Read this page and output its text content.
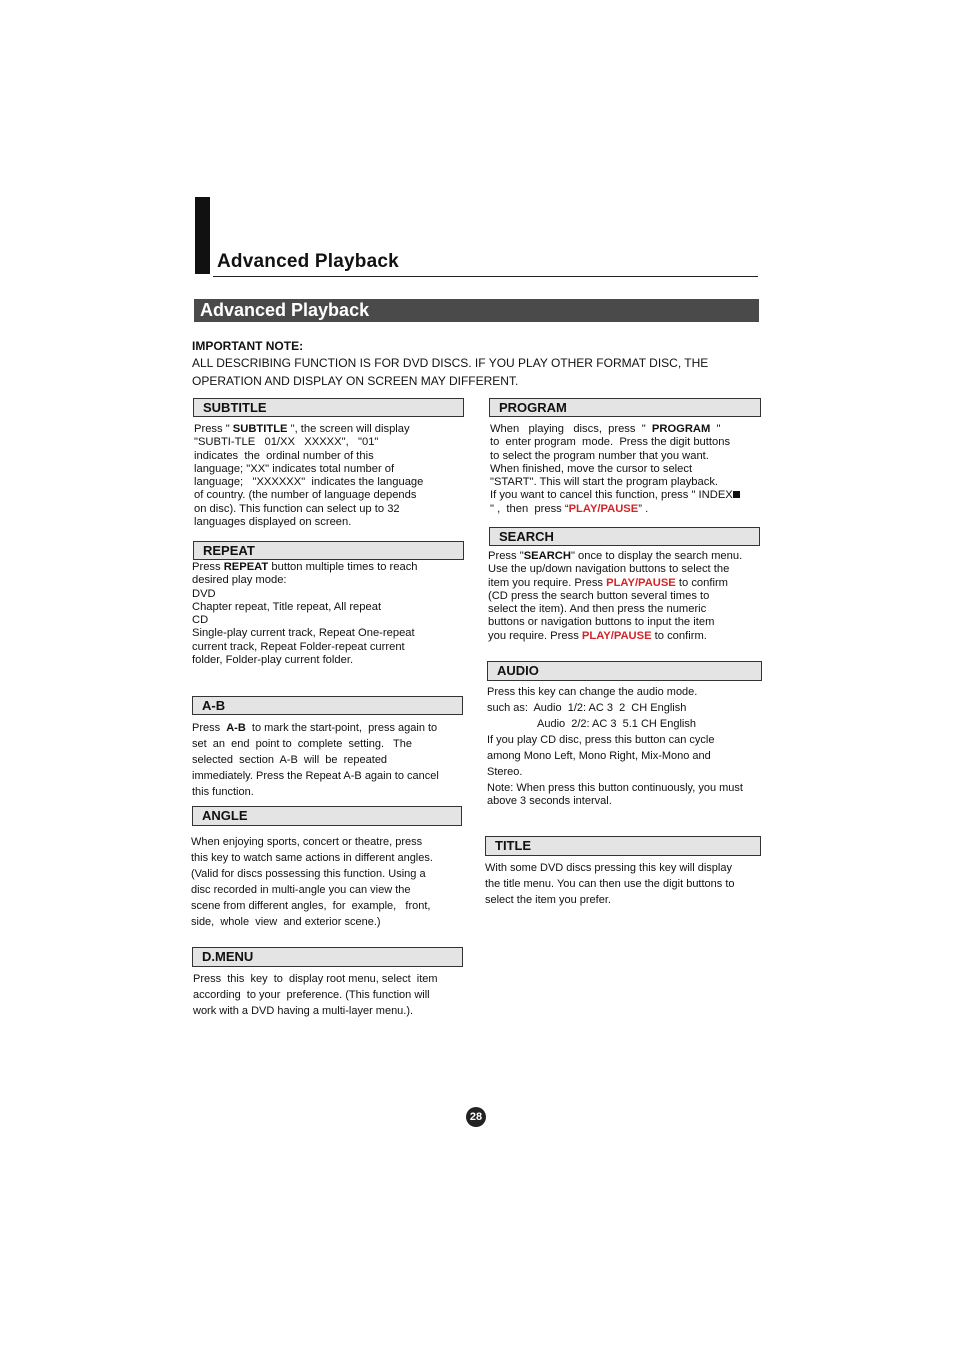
Advanced Playback
Advanced Playback
IMPORTANT NOTE:
ALL DESCRIBING FUNCTION IS FOR DVD DISCS. IF YOU PLAY OTHER FORMAT DISC, THE
OPERATION AND DISPLAY ON SCREEN MAY DIFFERENT.
SUBTITLE
Press " SUBTITLE ", the screen will display
"SUBTI-TLE   01/XX   XXXXX",   "01"
indicates  the  ordinal number of this
language; "XX" indicates total number of
language;   "XXXXXX"  indicates the language
of country. (the number of language depends
on disc). This function can select up to 32
languages displayed on screen.
REPEAT
Press REPEAT button multiple times to reach
desired play mode:
DVD
Chapter repeat, Title repeat, All repeat
CD
Single-play current track, Repeat One-repeat
current track, Repeat Folder-repeat current
folder, Folder-play current folder.
A-B
Press  A-B  to mark the start-point,  press again to
set  an  end  point to  complete  setting.   The
selected  section  A-B  will  be  repeated
immediately. Press the Repeat A-B again to cancel
this function.
ANGLE
When enjoying sports, concert or theatre, press
this key to watch same actions in different angles.
(Valid for discs possessing this function. Using a
disc recorded in multi-angle you can view the
scene from different angles,  for  example,   front,
side,  whole  view  and exterior scene.)
D.MENU
Press  this  key  to  display root menu, select  item
according  to your  preference. (This function will
work with a DVD having a multi-layer menu.).
PROGRAM
When   playing   discs,  press  "  PROGRAM  "
to  enter program  mode.  Press the digit buttons
to select the program number that you want.
When finished, move the cursor to select
"START". This will start the program playback.
If you want to cancel this function, press " INDEX
" ,  then  press “PLAY/PAUSE” .
SEARCH
Press "SEARCH" once to display the search menu.
Use the up/down navigation buttons to select the
item you require. Press PLAY/PAUSE to confirm
(CD press the search button several times to
select the item). And then press the numeric
buttons or navigation buttons to input the item
you require. Press PLAY/PAUSE to confirm.
AUDIO
Press this key can change the audio mode.
such as:  Audio  1/2: AC 3  2  CH English
Audio  2/2: AC 3  5.1 CH English
If you play CD disc, press this button can cycle
among Mono Left, Mono Right, Mix-Mono and
Stereo.
Note: When press this button continuously, you must
above 3 seconds interval.
TITLE
With some DVD discs pressing this key will display
the title menu. You can then use the digit buttons to
select the item you prefer.
28
